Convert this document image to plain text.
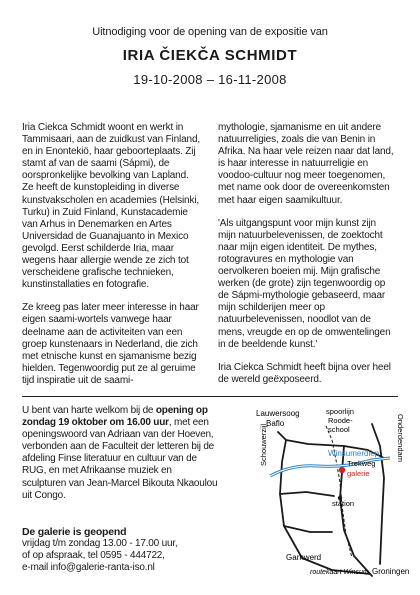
Uitnodiging voor de opening van de expositie van
IRIA ČIEKČA SCHMIDT
19-10-2008 – 16-11-2008

Iria Ciekca Schmidt woont en werkt in Tammisaari, aan de zuidkust van Finland, en in Enontekiö, haar geboorteplaats. Zij stamt af van de saami (Sápmi), de oorspronkelijke bevolking van Lapland. Ze heeft de kunstopleiding in diverse kunstvakscholen en academies (Helsinki, Turku) in Zuid Finland, Kunstacademie van Arhus in Denemarken en Artes Universidad de Guanajuanto in Mexico gevolgd. Eerst schilderde Iria, maar wegens haar allergie wende ze zich tot verscheidene grafische technieken, kunstinstallaties en fotografie.

Ze kreeg pas later meer interesse in haar eigen saami-wortels vanwege haar deelname aan de activiteiten van een groep kunstenaars in Nederland, die zich met etnische kunst en sjamanisme bezig hielden. Tegenwoordig put ze al geruime tijd inspiratie uit de saami-

mythologie, sjamanisme en uit andere natuurreligies, zoals die van Benin in Afrika. Na haar vele reizen naar dat land, is haar interesse in natuurreligie en voodoo-cultuur nog meer toegenomen, met name ook door de overeenkomsten met haar eigen saamikultuur.

'Als uitgangspunt voor mijn kunst zijn mijn natuurbelevenissen, de zoektocht naar mijn eigen identiteit. De mythes, rotogravures en mythologie van oervolkeren boeien mij. Mijn grafische werken (de grote) zijn tegenwoordig op de Sápmi-mythologie gebaseerd, maar mijn schilderijen meer op natuurbelevenissen, noodlot van de mens, vreugde en op de omwentelingen in de beeldende kunst.'

Iria Ciekca Schmidt heeft bijna over heel de wereld geëxposeerd.

U bent van harte welkom bij de opening op zondag 19 oktober om 16.00 uur, met een openingswoord van Adriaan van der Hoeven, verbonden aan de Faculteit der letteren bij de afdeling Finse literatuur en cultuur van de RUG, en met Afrikaanse muziek en sculpturen van Jean-Marcel Bikouta Nkaoulou uit Congo.
De galerie is geopend
vrijdag t/m zondag 13.00 - 17.00 uur,
of op afspraak, tel 0595 - 444722,
e-mail info@galerie-ranta-iso.nl
Lauwersoog
Baflo
spoorlijn
Roode-
school	Onderdendam
Schouwerzijl	Winsumerdiep
Trekweg
galerie
station
Garnwerd
Groningen
routekaart Winsum
